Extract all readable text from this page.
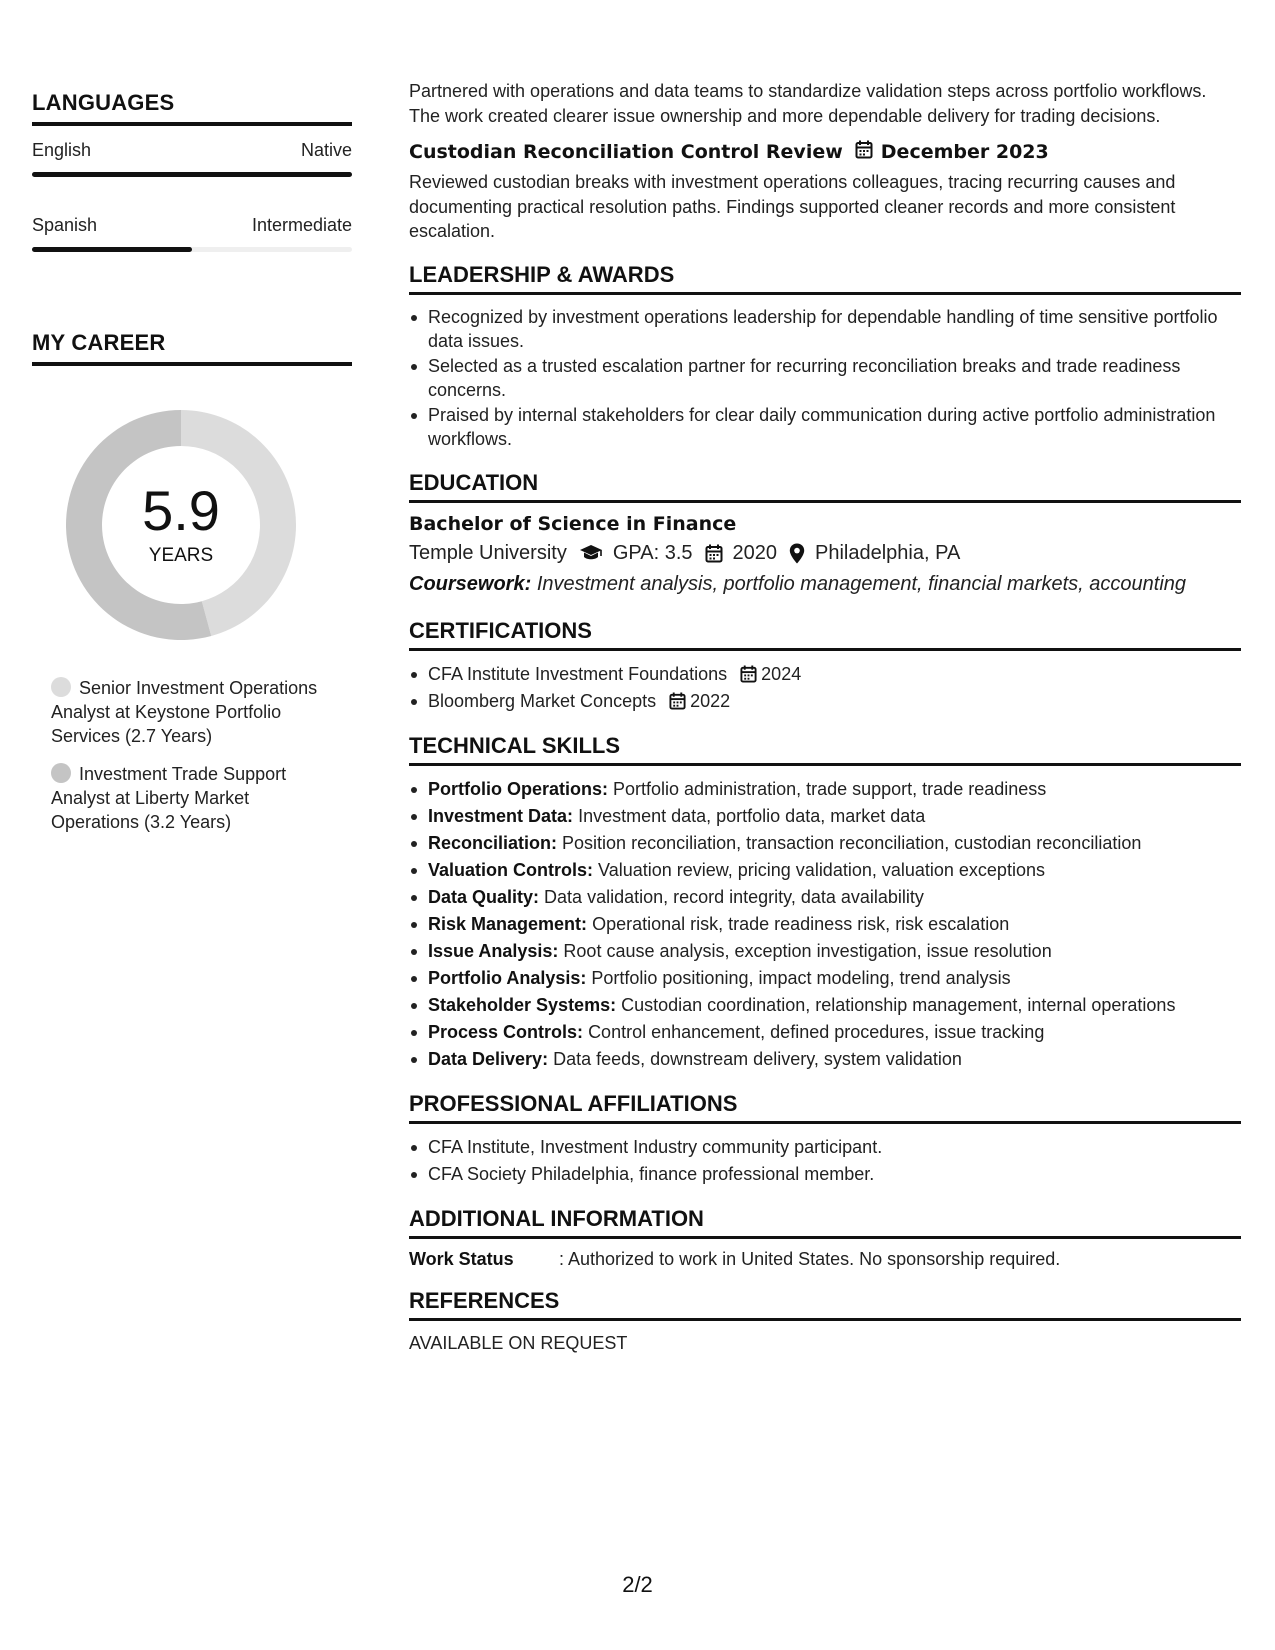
LANGUAGES
English	Native
Spanish	Intermediate
MY CAREER
5.9
YEARS
Senior Investment Operations Analyst at Keystone Portfolio Services (2.7 Years)
Investment Trade Support Analyst at Liberty Market Operations (3.2 Years)
Partnered with operations and data teams to standardize validation steps across portfolio workflows. The work created clearer issue ownership and more dependable delivery for trading decisions.
Custodian Reconciliation Control Review December 2023
Reviewed custodian breaks with investment operations colleagues, tracing recurring causes and documenting practical resolution paths. Findings supported cleaner records and more consistent escalation.
LEADERSHIP & AWARDS
Recognized by investment operations leadership for dependable handling of time sensitive portfolio data issues.
Selected as a trusted escalation partner for recurring reconciliation breaks and trade readiness concerns.
Praised by internal stakeholders for clear daily communication during active portfolio administration workflows.
EDUCATION
Bachelor of Science in Finance
Temple University GPA: 3.5 2020 Philadelphia, PA
Coursework: Investment analysis, portfolio management, financial markets, accounting
CERTIFICATIONS
CFA Institute Investment Foundations 2024
Bloomberg Market Concepts 2022
TECHNICAL SKILLS
Portfolio Operations: Portfolio administration, trade support, trade readiness
Investment Data: Investment data, portfolio data, market data
Reconciliation: Position reconciliation, transaction reconciliation, custodian reconciliation
Valuation Controls: Valuation review, pricing validation, valuation exceptions
Data Quality: Data validation, record integrity, data availability
Risk Management: Operational risk, trade readiness risk, risk escalation
Issue Analysis: Root cause analysis, exception investigation, issue resolution
Portfolio Analysis: Portfolio positioning, impact modeling, trend analysis
Stakeholder Systems: Custodian coordination, relationship management, internal operations
Process Controls: Control enhancement, defined procedures, issue tracking
Data Delivery: Data feeds, downstream delivery, system validation
PROFESSIONAL AFFILIATIONS
CFA Institute, Investment Industry community participant.
CFA Society Philadelphia, finance professional member.
ADDITIONAL INFORMATION
Work Status	: Authorized to work in United States. No sponsorship required.
REFERENCES
AVAILABLE ON REQUEST
2/2
